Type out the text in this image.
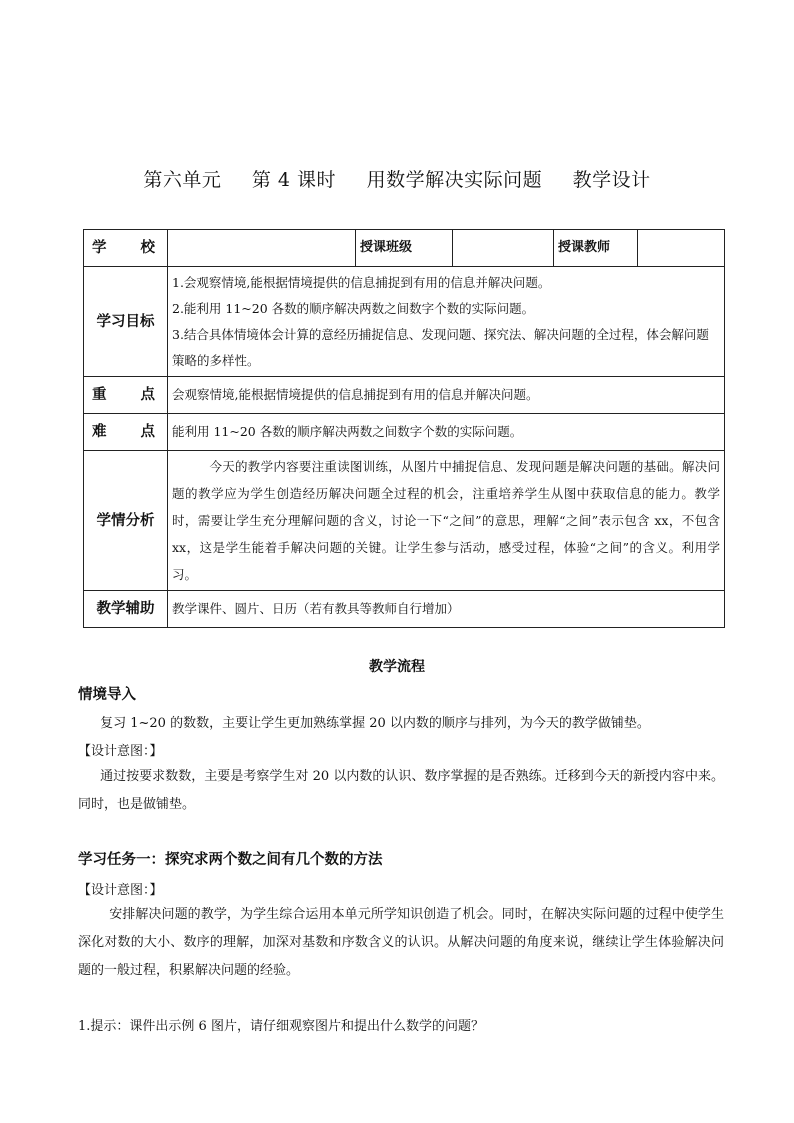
第六单元 第 4 课时 用数学解决实际问题 教学设计
学 校		授课班级		授课教师	
学习目标	1.会观察情境,能根据情境提供的信息捕捉到有用的信息并解决问题。

2.能利用 11~20 各数的顺序解决两数之间数字个数的实际问题。

3.结合具体情境体会计算的意经历捕捉信息、发现问题、探究法、解决问题的全过程，体会解问题策略的多样性。				

重 点	会观察情境,能根据情境提供的信息捕捉到有用的信息并解决问题。				
难 点	能利用 11~20 各数的顺序解决两数之间数字个数的实际问题。				
学情分析	今天的教学内容要注重读图训练，从图片中捕捉信息、发现问题是解决问题的基础。解决问题的教学应为学生创造经历解决问题全过程的机会，注重培养学生从图中获取信息的能力。教学时，需要让学生充分理解问题的含义，讨论一下“之间”的意思，理解“之间”表示包含 xx，不包含 xx，这是学生能着手解决问题的关键。让学生参与活动，感受过程，体验“之间”的含义。利用学习。				
教学辅助	教学课件、圆片、日历（若有教具等教师自行增加）				
教学流程
情境导入
复习 1~20 的数数，主要让学生更加熟练掌握 20 以内数的顺序与排列，为今天的教学做铺垫。
【设计意图：】
通过按要求数数，主要是考察学生对 20 以内数的认识、数序掌握的是否熟练。迁移到今天的新授内容中来。同时，也是做铺垫。
学习任务一：探究求两个数之间有几个数的方法
【设计意图：】
安排解决问题的教学，为学生综合运用本单元所学知识创造了机会。同时，在解决实际问题的过程中使学生深化对数的大小、数序的理解，加深对基数和序数含义的认识。从解决问题的角度来说，继续让学生体验解决问题的一般过程，积累解决问题的经验。
1.提示：课件出示例 6 图片，请仔细观察图片和提出什么数学的问题？
